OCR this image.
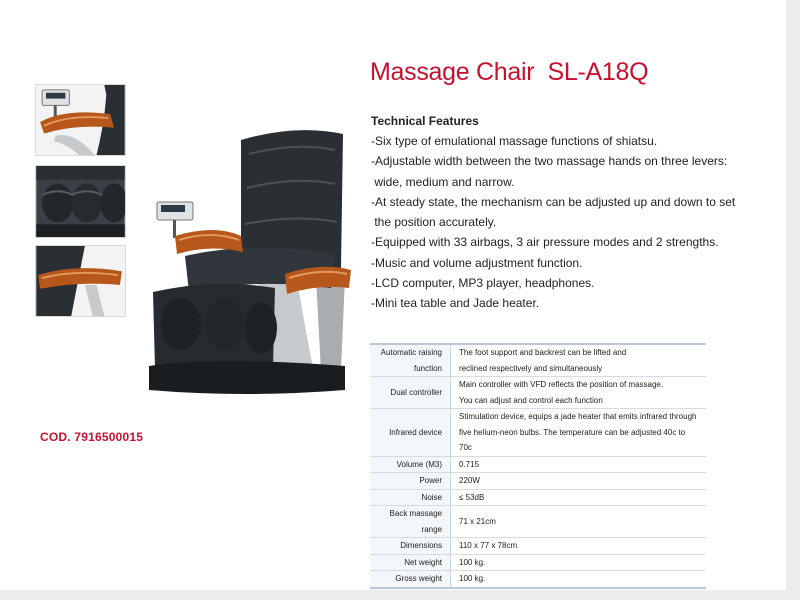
COD. 7916500015
Massage Chair  SL-A18Q
Technical Features
-Six type of emulational massage functions of shiatsu.
-Adjustable width between the two massage hands on three levers:
wide, medium and narrow.
-At steady state, the mechanism can be adjusted up and down to set
the position accurately.
-Equipped with 33 airbags, 3 air pressure modes and 2 strengths.
-Music and volume adjustment function.
-LCD computer, MP3 player, headphones.
-Mini tea table and Jade heater.
Automatic raising
function	The foot support and backrest can be lifted and
reclined respectively and simultaneously

Dual controller	Main controller with VFD reflects the position of massage.
You can adjust and control each function

Infrared device	Stimulation device, equips a jade heater that emits infrared through
five helium-neon bulbs. The temperature can be adjusted 40c to 70c

Volume (M3)	0.715
Power	220W
Noise	≤ 53dB
Back massage range	71 x 21cm
Dimensions	110 x 77 x 78cm
Net weight	100 kg.
Gross weight	100 kg.
